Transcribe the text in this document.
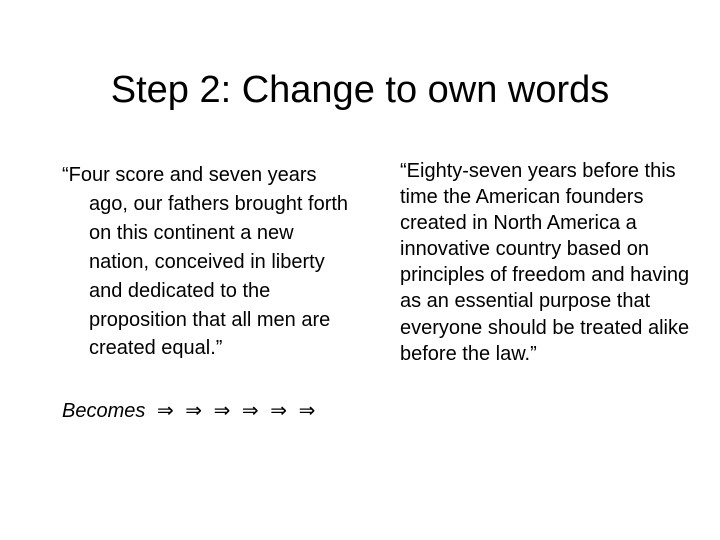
Step 2: Change to own words

“Four score and seven years ago, our fathers brought forth on this continent a new nation, conceived in liberty and dedicated to the proposition that all men are created equal.”

Becomes ⇒ ⇒ ⇒ ⇒ ⇒ ⇒

“Eighty-seven years before this time the American founders created in North America a innovative country based on principles of freedom and having as an essential purpose that everyone should be treated alike before the law.”
